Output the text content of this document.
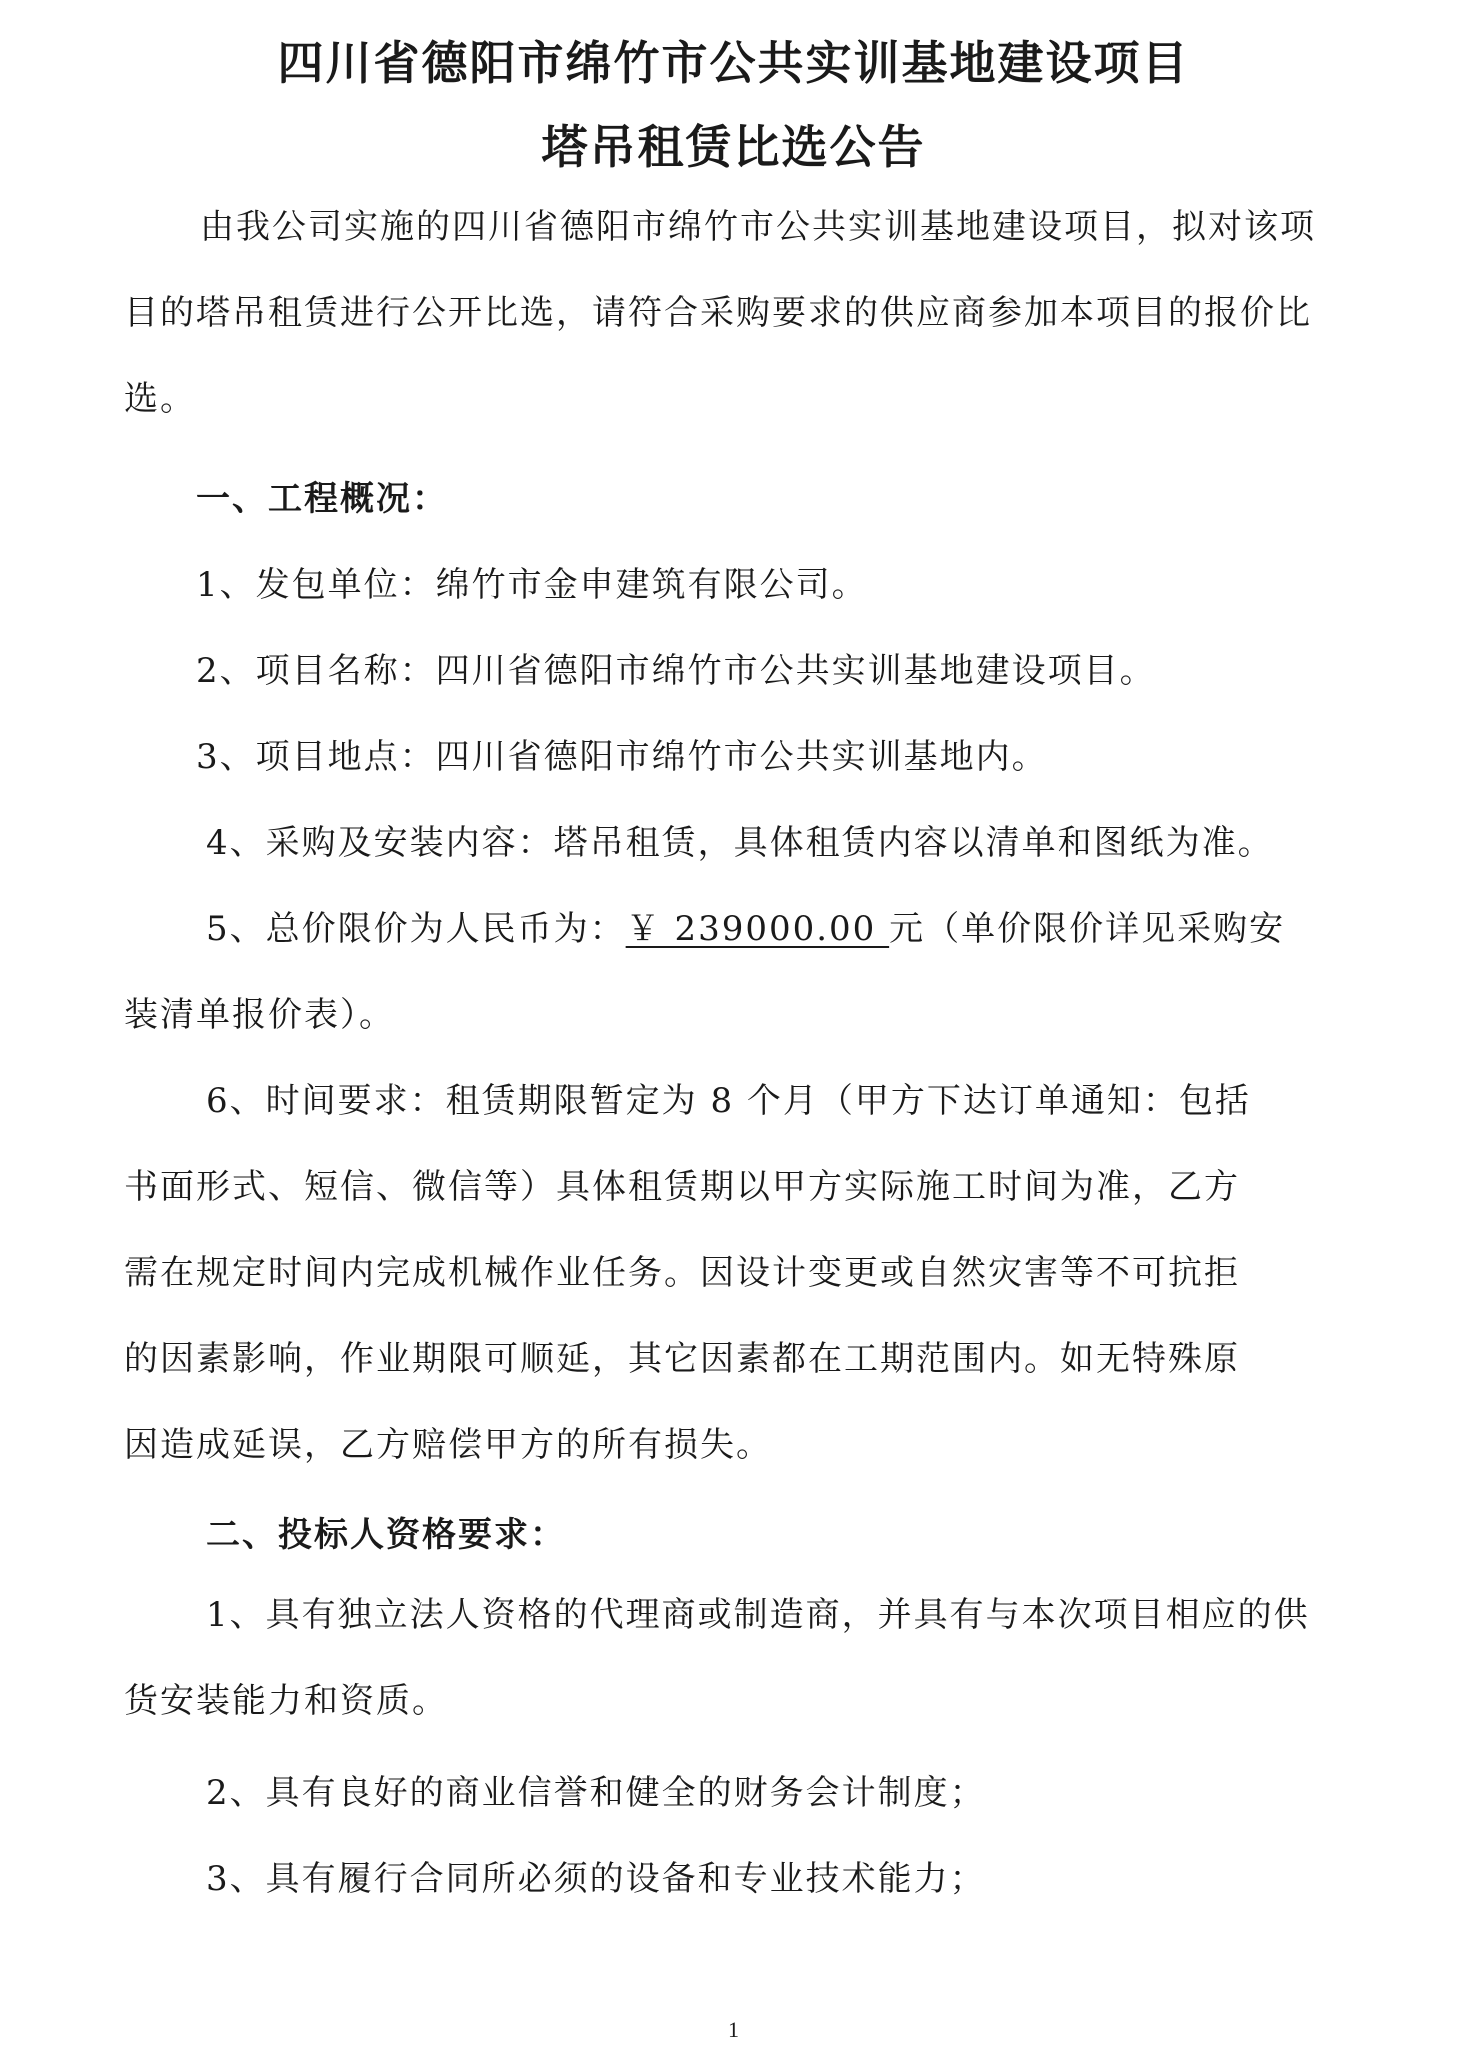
四川省德阳市绵竹市公共实训基地建设项目
塔吊租赁比选公告
由我公司实施的四川省德阳市绵竹市公共实训基地建设项目，拟对该项
目的塔吊租赁进行公开比选，请符合采购要求的供应商参加本项目的报价比
选。
一、工程概况：
1、发包单位：绵竹市金申建筑有限公司。
2、项目名称：四川省德阳市绵竹市公共实训基地建设项目。
3、项目地点：四川省德阳市绵竹市公共实训基地内。
4、采购及安装内容：塔吊租赁，具体租赁内容以清单和图纸为准。
5、总价限价为人民币为：￥ 239000.00 元（单价限价详见采购安
装清单报价表）。
6、时间要求：租赁期限暂定为 8 个月（甲方下达订单通知：包括
书面形式、短信、微信等）具体租赁期以甲方实际施工时间为准，乙方
需在规定时间内完成机械作业任务。因设计变更或自然灾害等不可抗拒
的因素影响，作业期限可顺延，其它因素都在工期范围内。如无特殊原
因造成延误，乙方赔偿甲方的所有损失。
二、投标人资格要求：
1、具有独立法人资格的代理商或制造商，并具有与本次项目相应的供
货安装能力和资质。
2、具有良好的商业信誉和健全的财务会计制度；
3、具有履行合同所必须的设备和专业技术能力；
1
